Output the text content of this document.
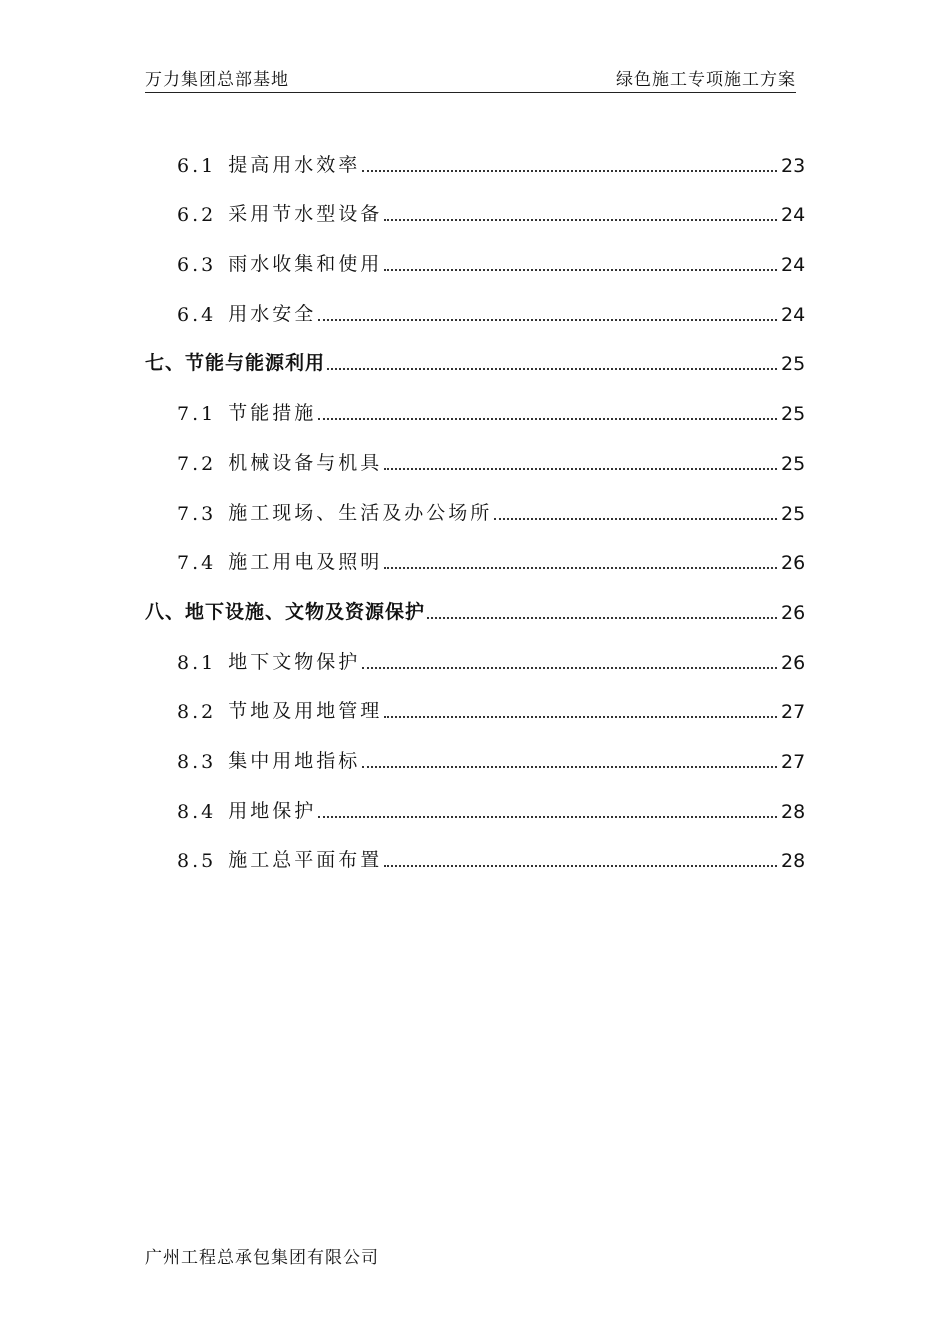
万力集团总部基地	绿色施工专项施工方案
6.1 提高用水效率	23
6.2 采用节水型设备	24
6.3 雨水收集和使用	24
6.4 用水安全	24
七、节能与能源利用	25
7.1 节能措施	25
7.2 机械设备与机具	25
7.3 施工现场、生活及办公场所	25
7.4 施工用电及照明	26
八、地下设施、文物及资源保护	26
8.1 地下文物保护	26
8.2 节地及用地管理	27
8.3 集中用地指标	27
8.4 用地保护	28
8.5 施工总平面布置	28
广州工程总承包集团有限公司
